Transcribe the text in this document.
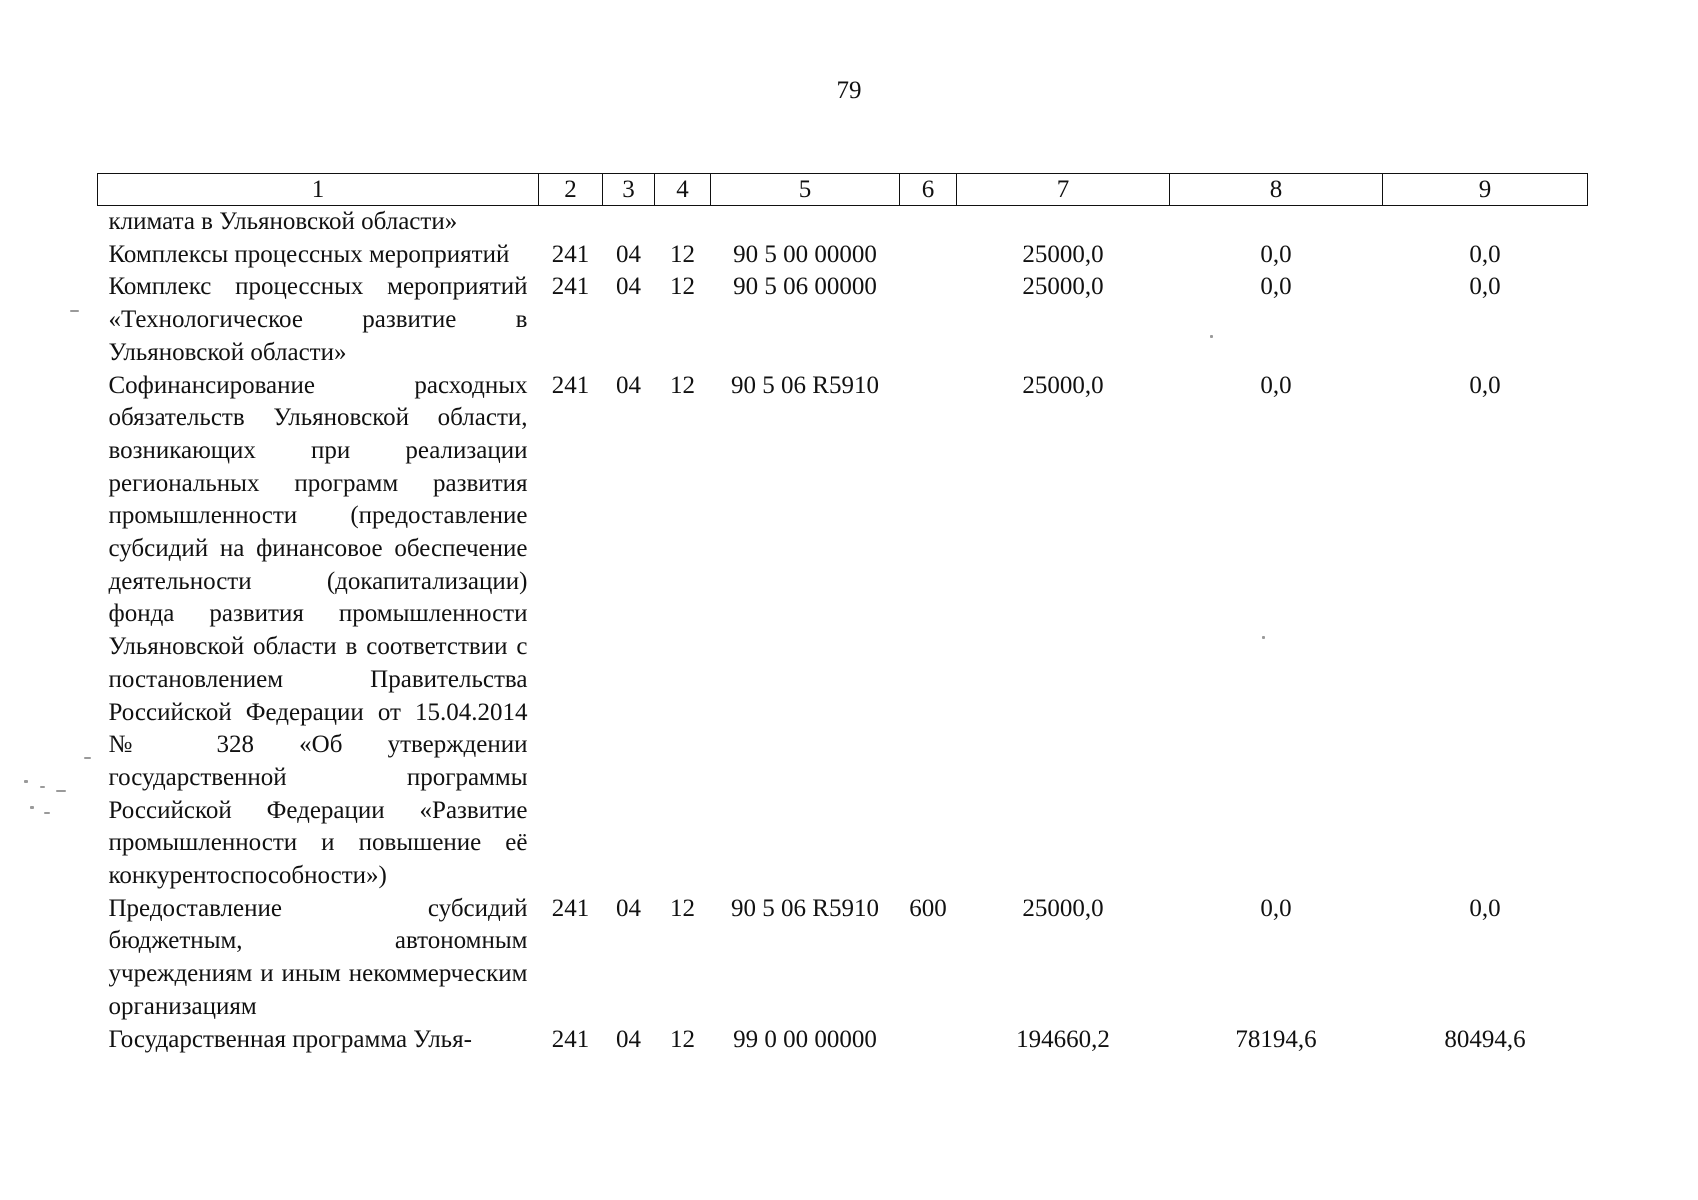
79
1	2	3	4	5	6	7	8	9
климата в Ульяновской области»								
Комплексы процессных мероприятий	241	04	12	90 5 00 00000		25000,0	0,0	0,0
Комплекс процессных мероприятий «Технологическое развитие в Ульяновской области»	241	04	12	90 5 06 00000		25000,0	0,0	0,0
Софинансирование расходных обязательств Ульяновской области, возникающих при реализации региональных программ развития промышленности (предоставление субсидий на финансовое обеспечение деятельности (докапитализации) фонда развития промышленности Ульяновской области в соответствии с постановлением Правительства Российской Федерации от 15.04.2014 № 328 «Об утверждении государственной программы Российской Федерации «Развитие промышленности и повышение её конкурентоспособности»)	241	04	12	90 5 06 R5910		25000,0	0,0	0,0
Предоставление субсидий бюджетным, автономным учреждениям и иным некоммерческим организациям	241	04	12	90 5 06 R5910	600	25000,0	0,0	0,0
Государственная программа Улья-	241	04	12	99 0 00 00000		194660,2	78194,6	80494,6
